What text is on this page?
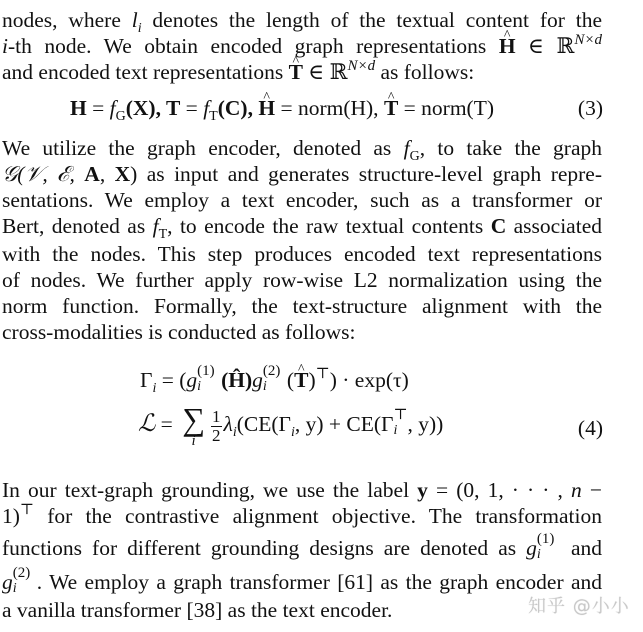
nodes, where $l_i$ denotes the length of the textual content for the
i-th node. We obtain encoded graph representations ^ H ∈ ℝ$^{N\times d}$
and encoded text representations ^ T ∈ ℝ$^{N\times d}$ as follows:
$H = f_G(X)$, $T = f_T(C)$, ^ H = norm(H), ^ T = norm(T)	(3)
We utilize the graph encoder, denoted as $f_G$, to take the graph
𝒢(𝒱, ℰ, A, X) as input and generates structure-level graph repre-
sentations. We employ a text encoder, such as a transformer or
Bert, denoted as $f_T$, to encode the raw textual contents C associated
with the nodes. This step produces encoded text representations
of nodes. We further apply row-wise L2 normalization using the
norm function. Formally, the text-structure alignment with the
cross-modalities is conducted as follows:
$\Gamma_i = (g$ (1)
i (Ĥ)g (2)
i (^ T)⊤) · exp(τ)
ℒ = ∑
i $\frac{1}{2} \lambda_i(CE(\Gamma_i$, y) + CE(Γ ⊤
i , y))	(4)
In our text-graph grounding, we use the label y = (0, 1, · · · , n −
1)⊤ for the contrastive alignment objective. The transformation
functions for different grounding designs are denoted as g (1)
i and
g (2)
i . We employ a graph transformer [61] as the graph encoder and
a vanilla transformer [38] as the text encoder.	知乎 @小小
